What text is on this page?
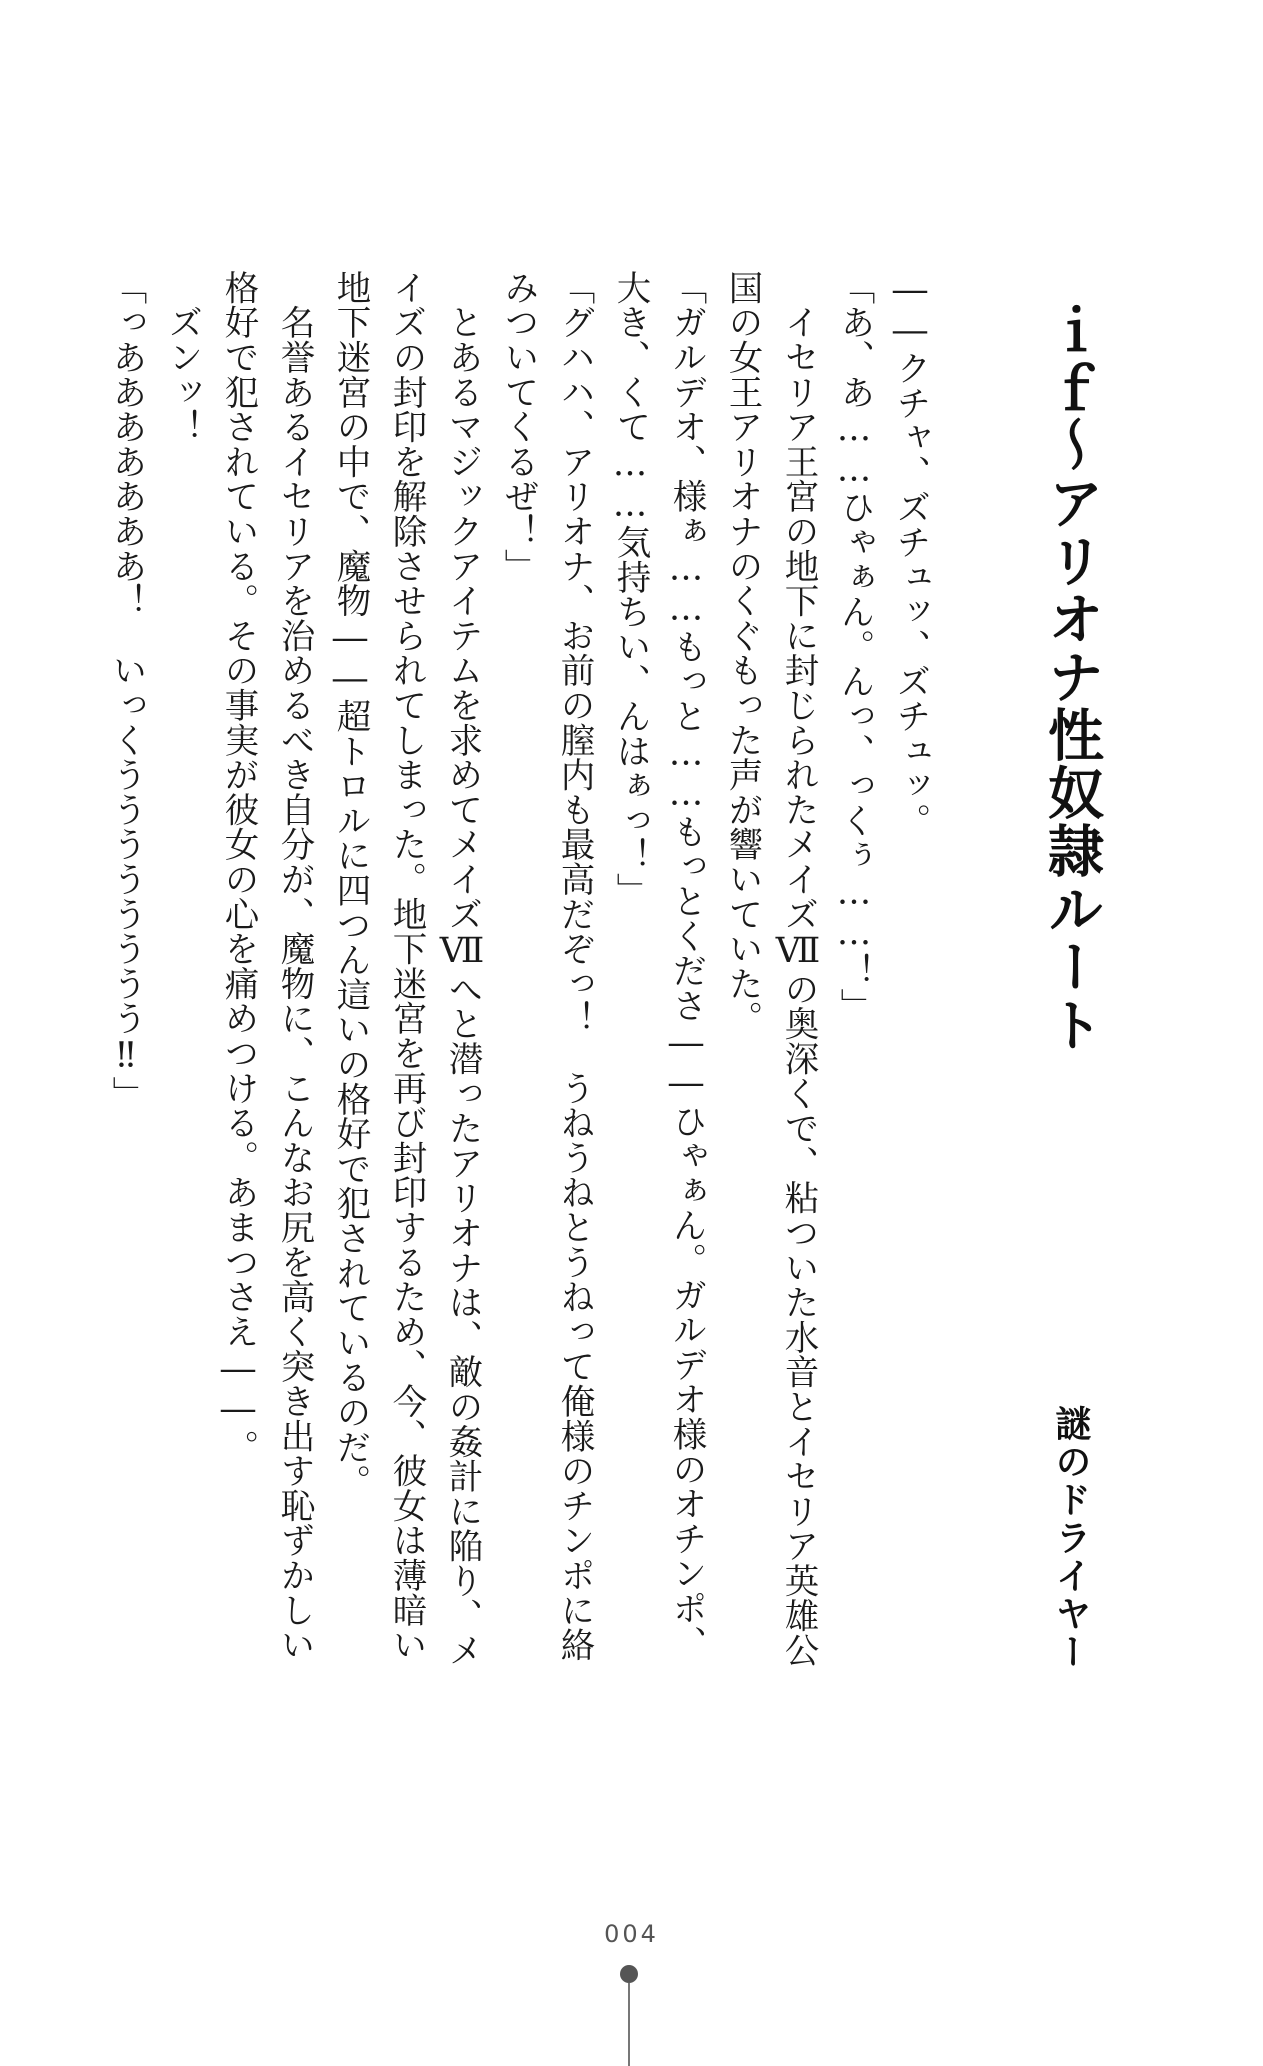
ｉｆ～アリオナ性奴隷ルート
謎のドライヤー

――クチャ、ズチュッ、ズチュッ。

「あ、あ……ひゃぁん。んっ、っくぅ……！」

　イセリア王宮の地下に封じられたメイズⅦの奥深くで、粘ついた水音とイセリア英雄公国の女王アリオナのくぐもった声が響いていた。

「ガルデオ、様ぁ……もっと……もっとくださ――ひゃぁん。ガルデオ様のオチンポ、大き、くて……気持ちい、んはぁっ！」

「グハハ、アリオナ、お前の膣内も最高だぞっ！　うねうねとうねって俺様のチンポに絡みついてくるぜ！」

　とあるマジックアイテムを求めてメイズⅦへと潜ったアリオナは、敵の姦計に陥り、メイズの封印を解除させられてしまった。地下迷宮を再び封印するため、今、彼女は薄暗い地下迷宮の中で、魔物――超トロルに四つん這いの格好で犯されているのだ。

　名誉あるイセリアを治めるべき自分が、魔物に、こんなお尻を高く突き出す恥ずかしい格好で犯されている。その事実が彼女の心を痛めつける。あまつさえ――。

　ズンッ！

「っあああああああ！　いっくうううううううう‼」

004
